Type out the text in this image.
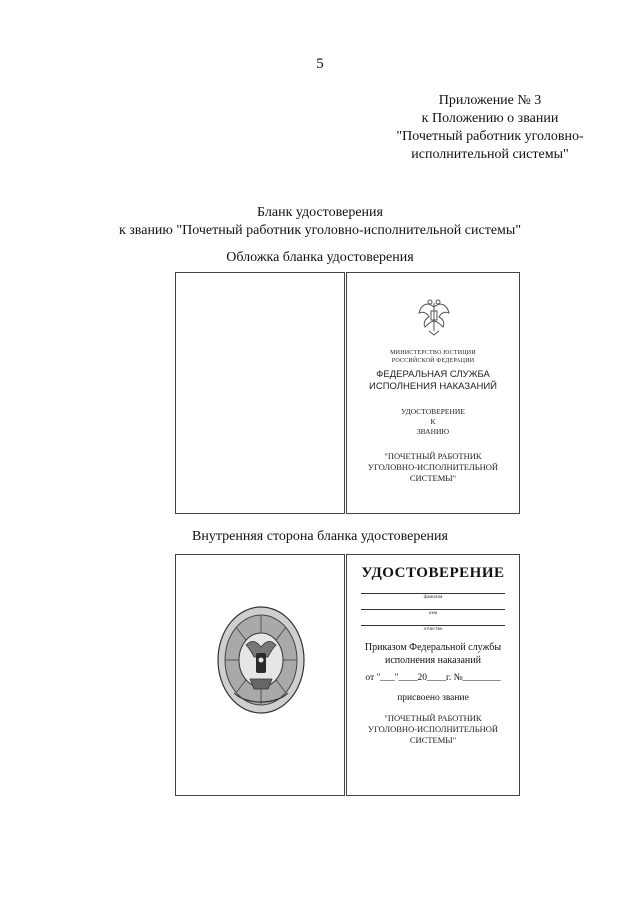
5
Приложение № 3
к Положению о звании
"Почетный работник уголовно-
исполнительной системы"
Бланк удостоверения
к званию "Почетный работник уголовно-исполнительной системы"
Обложка бланка удостоверения
МИНИСТЕРСТВО ЮСТИЦИИ
РОССИЙСКОЙ ФЕДЕРАЦИИ
ФЕДЕРАЛЬНАЯ СЛУЖБА
ИСПОЛНЕНИЯ НАКАЗАНИЙ
УДОСТОВЕРЕНИЕ
К
ЗВАНИЮ
"ПОЧЕТНЫЙ РАБОТНИК
УГОЛОВНО-ИСПОЛНИТЕЛЬНОЙ
СИСТЕМЫ"
Внутренняя сторона бланка удостоверения
УДОСТОВЕРЕНИЕ
фамилия
имя
отчество
Приказом Федеральной службы
исполнения наказаний
от "___"____20____г. №________
присвоено звание
"ПОЧЕТНЫЙ РАБОТНИК
УГОЛОВНО-ИСПОЛНИТЕЛЬНОЙ
СИСТЕМЫ"
